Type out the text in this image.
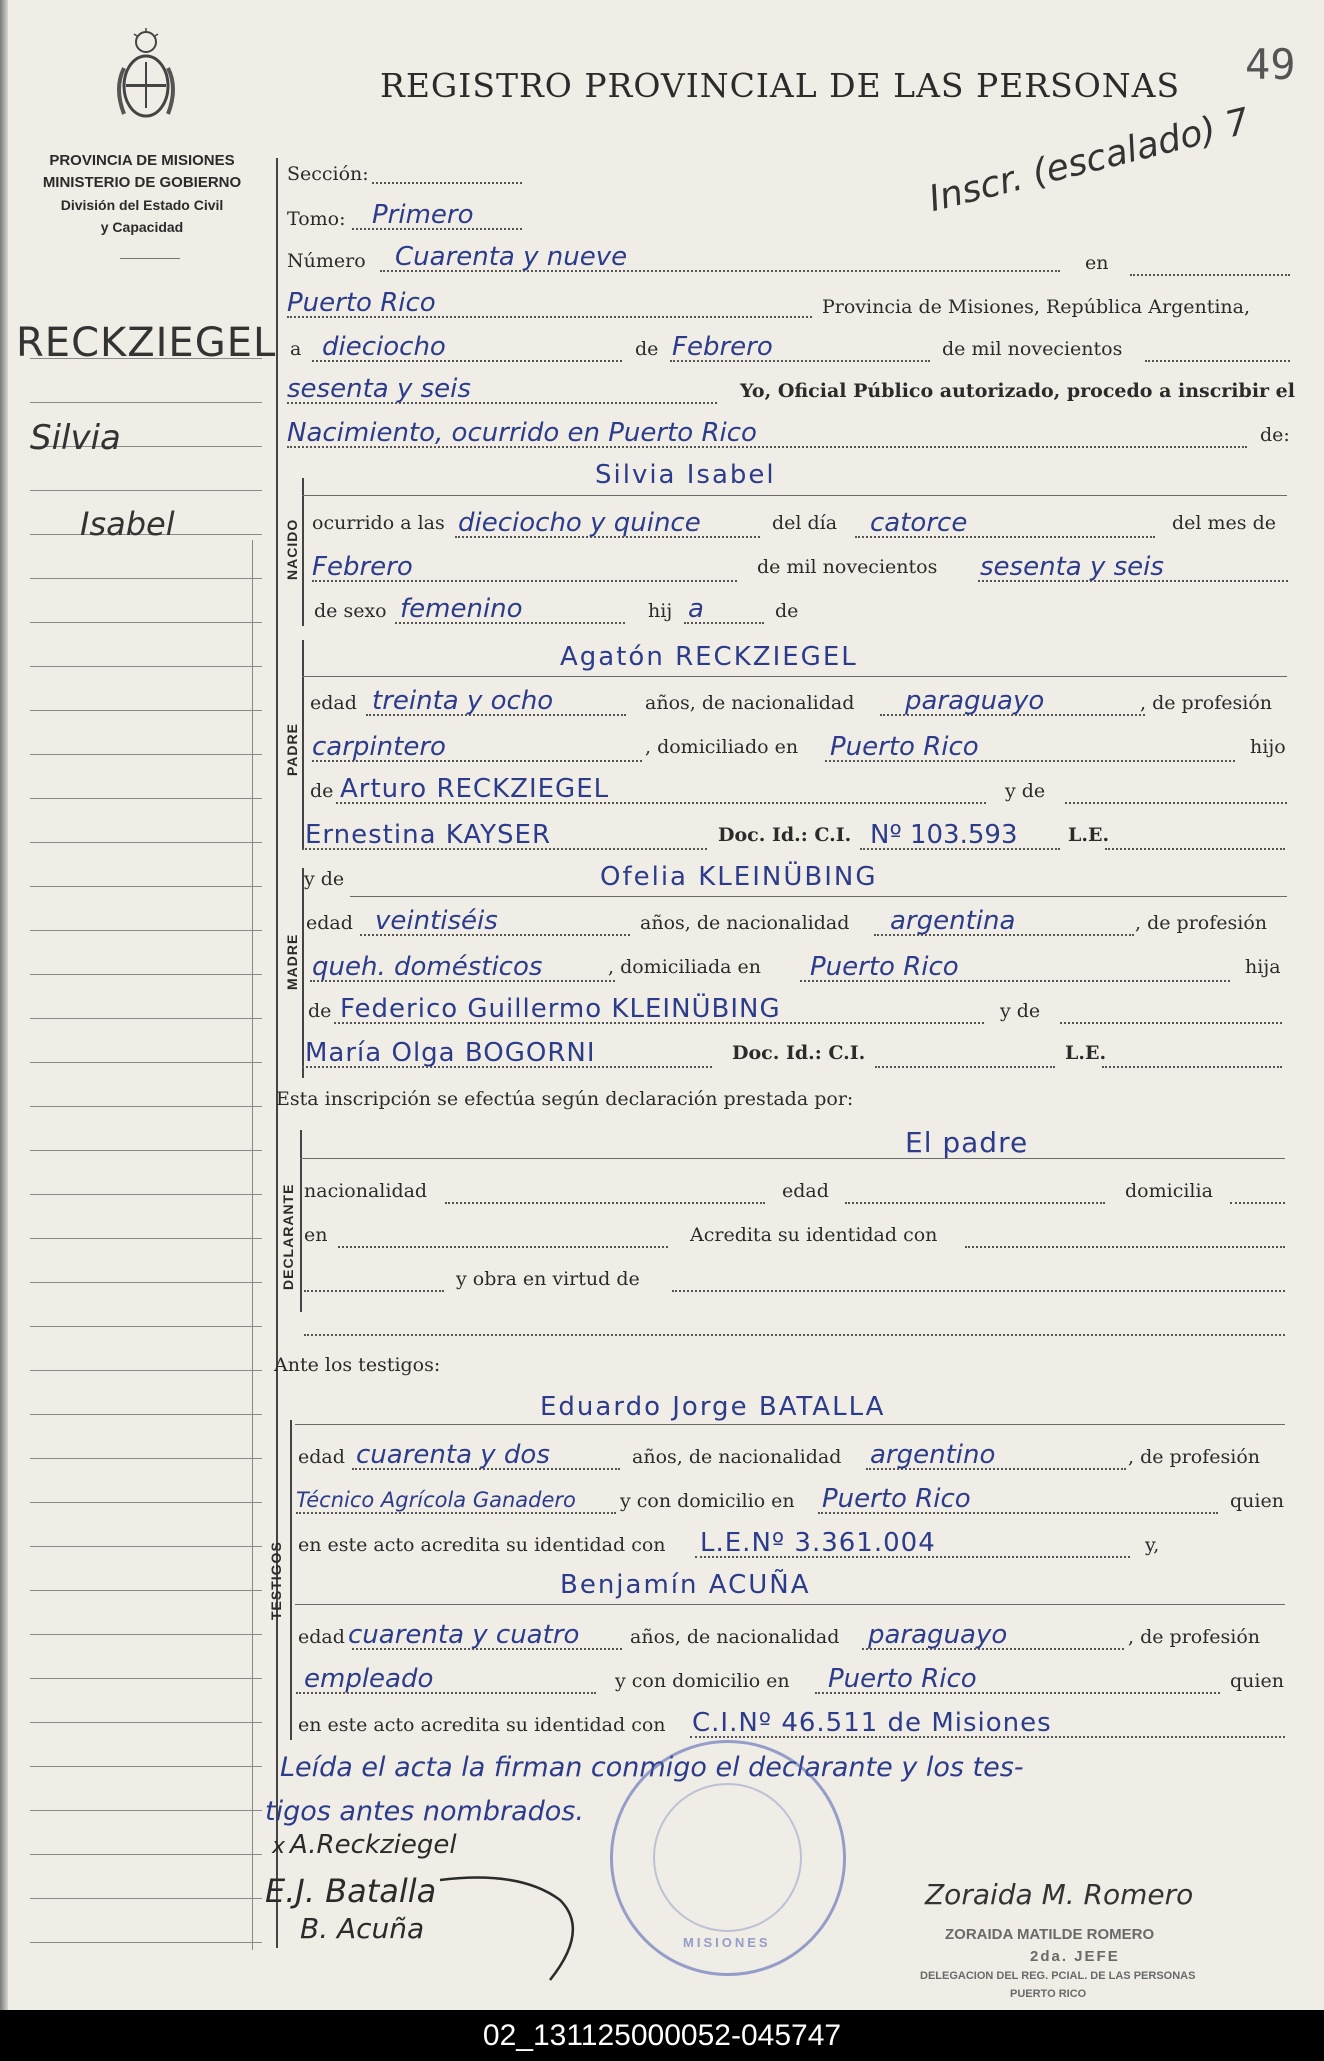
PROVINCIA DE MISIONES
MINISTERIO DE GOBIERNO
División del Estado Civil
y Capacidad
REGISTRO PROVINCIAL DE LAS PERSONAS 49
Inscr. (escalado) 7
RECKZIEGEL
Silvia
Isabel
Sección:
Tomo: Primero
Número Cuarenta y nueve	en
Puerto Rico	Provincia de Misiones, República Argentina,
a dieciocho	de Febrero	de mil novecientos
sesenta y seis	Yo, Oficial Público autorizado, procedo a inscribir el
Nacimiento, ocurrido en Puerto Rico	de:
NACIDO
Silvia Isabel
ocurrido a las dieciocho y quince	del día catorce	del mes de
Febrero	de mil novecientos sesenta y seis
de sexo femenino	hij a	de
PADRE
Agatón RECKZIEGEL
edad treinta y ocho	años, de nacionalidad paraguayo	, de profesión
carpintero	, domiciliado en Puerto Rico	hijo
de Arturo RECKZIEGEL	y de
Ernestina KAYSER	Doc. Id.: C.I. Nº 103.593	L.E.
MADRE
y de	Ofelia KLEINÜBING
edad veintiséis	años, de nacionalidad argentina	, de profesión
queh. domésticos	, domiciliada en Puerto Rico	hija
de Federico Guillermo KLEINÜBING	y de
María Olga BOGORNI	Doc. Id.: C.I.	L.E.
Esta inscripción se efectúa según declaración prestada por:
DECLARANTE
El padre
nacionalidad	edad	domicilia
en	Acredita su identidad con
y obra en virtud de
Ante los testigos:
TESTIGOS
Eduardo Jorge BATALLA
edad cuarenta y dos	años, de nacionalidad argentino	, de profesión
Técnico Agrícola Ganadero y con domicilio en Puerto Rico	quien
en este acto acredita su identidad con L.E.Nº 3.361.004	y,
Benjamín ACUÑA
edad cuarenta y cuatro	años, de nacionalidad paraguayo	, de profesión
empleado	y con domicilio en Puerto Rico	quien
en este acto acredita su identidad con C.I.Nº 46.511 de Misiones
Leída el acta la firman conmigo el declarante y los tes-
tigos antes nombrados.
MISIONES
x A.Reckziegel
E.J. Batalla
B. Acuña
Zoraida M. Romero
ZORAIDA MATILDE ROMERO
2da. JEFE
DELEGACION DEL REG. PCIAL. DE LAS PERSONAS
PUERTO RICO
02_131125000052-045747
